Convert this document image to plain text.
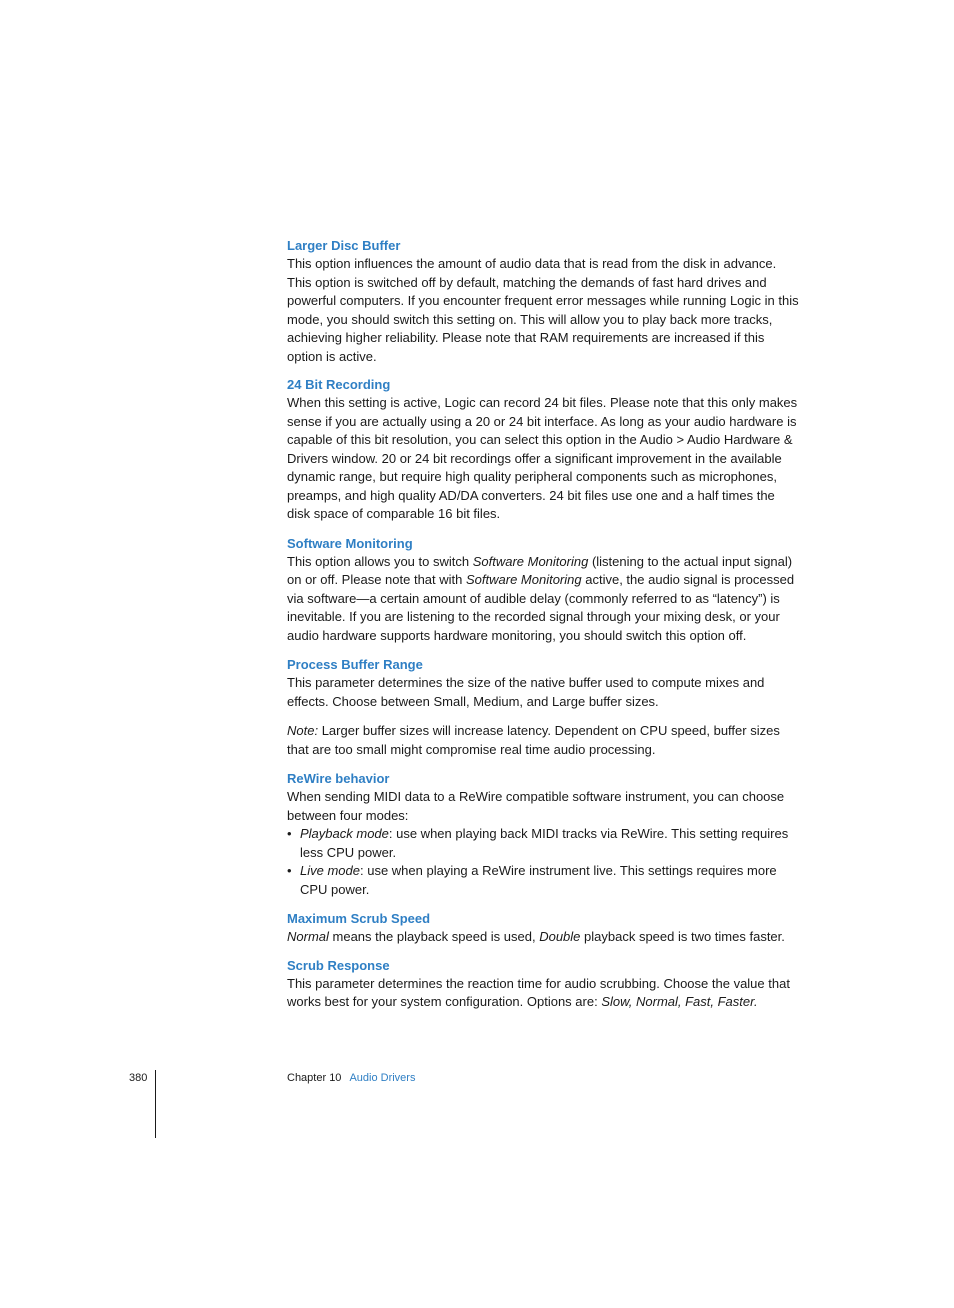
Larger Disc Buffer

This option influences the amount of audio data that is read from the disk in advance. This option is switched off by default, matching the demands of fast hard drives and powerful computers. If you encounter frequent error messages while running Logic in this mode, you should switch this setting on. This will allow you to play back more tracks, achieving higher reliability. Please note that RAM requirements are increased if this option is active.

24 Bit Recording

When this setting is active, Logic can record 24 bit files. Please note that this only makes sense if you are actually using a 20 or 24 bit interface. As long as your audio hardware is capable of this bit resolution, you can select this option in the Audio > Audio Hardware & Drivers window. 20 or 24 bit recordings offer a significant improvement in the available dynamic range, but require high quality peripheral components such as microphones, preamps, and high quality AD/DA converters. 24 bit files use one and a half times the disk space of comparable 16 bit files.

Software Monitoring

This option allows you to switch Software Monitoring (listening to the actual input signal) on or off. Please note that with Software Monitoring active, the audio signal is processed via software—a certain amount of audible delay (commonly referred to as “latency”) is inevitable. If you are listening to the recorded signal through your mixing desk, or your audio hardware supports hardware monitoring, you should switch this option off.

Process Buffer Range

This parameter determines the size of the native buffer used to compute mixes and effects. Choose between Small, Medium, and Large buffer sizes.

Note: Larger buffer sizes will increase latency. Dependent on CPU speed, buffer sizes that are too small might compromise real time audio processing.

ReWire behavior

When sending MIDI data to a ReWire compatible software instrument, you can choose between four modes:

• Playback mode: use when playing back MIDI tracks via ReWire. This setting requires less CPU power.
• Live mode: use when playing a ReWire instrument live. This settings requires more CPU power.

Maximum Scrub Speed

Normal means the playback speed is used, Double playback speed is two times faster.

Scrub Response

This parameter determines the reaction time for audio scrubbing. Choose the value that works best for your system configuration. Options are: Slow, Normal, Fast, Faster.

380	Chapter 10 Audio Drivers
